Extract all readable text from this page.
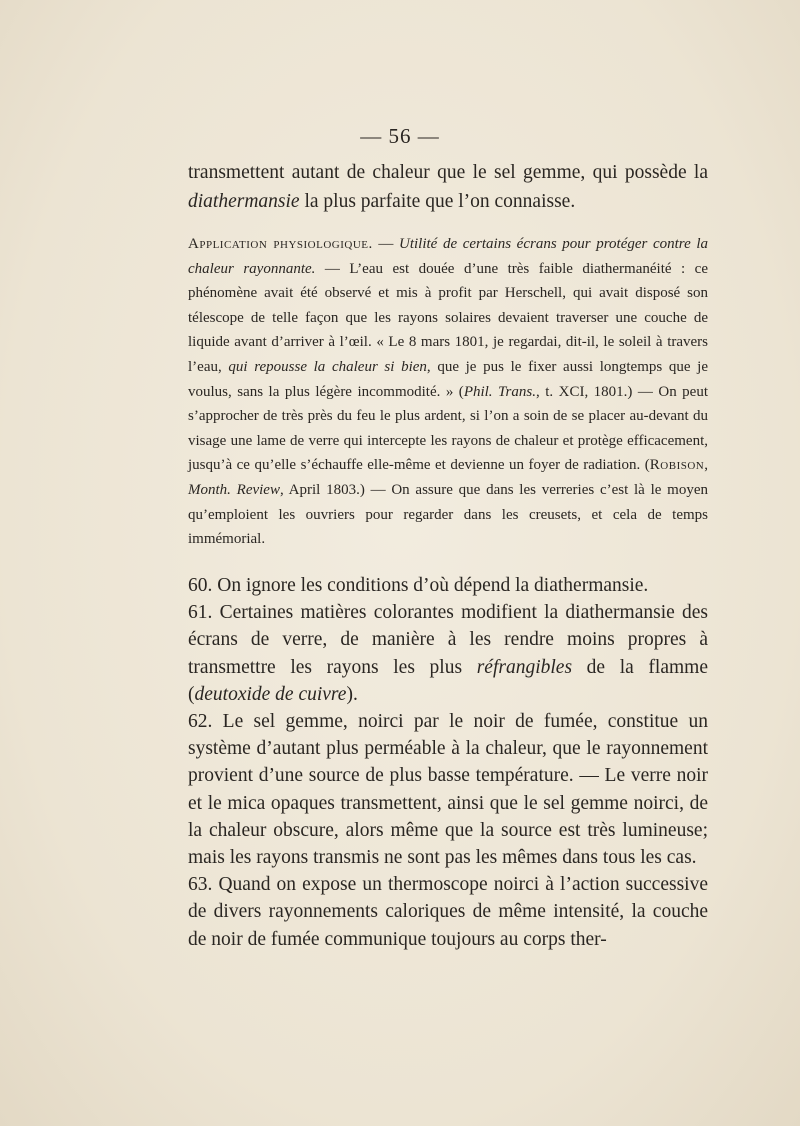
— 56 —

transmettent autant de chaleur que le sel gemme, qui possède la diathermansie la plus parfaite que l’on connaisse.

Application physiologique. — Utilité de certains écrans pour protéger contre la chaleur rayonnante. — L’eau est douée d’une très faible diathermanéité : ce phénomène avait été observé et mis à profit par Herschell, qui avait disposé son télescope de telle façon que les rayons solaires devaient traverser une couche de liquide avant d’arriver à l’œil. « Le 8 mars 1801, je regardai, dit-il, le soleil à travers l’eau, qui repousse la chaleur si bien, que je pus le fixer aussi longtemps que je voulus, sans la plus légère incommodité. » (Phil. Trans., t. XCI, 1801.) — On peut s’approcher de très près du feu le plus ardent, si l’on a soin de se placer au-devant du visage une lame de verre qui intercepte les rayons de chaleur et protège efficacement, jusqu’à ce qu’elle s’échauffe elle-même et devienne un foyer de radiation. (Robison, Month. Review, April 1803.) — On assure que dans les verreries c’est là le moyen qu’emploient les ouvriers pour regarder dans les creusets, et cela de temps immémorial.

60. On ignore les conditions d’où dépend la diathermansie.

61. Certaines matières colorantes modifient la diathermansie des écrans de verre, de manière à les rendre moins propres à transmettre les rayons les plus réfrangibles de la flamme (deutoxide de cuivre).

62. Le sel gemme, noirci par le noir de fumée, constitue un système d’autant plus perméable à la chaleur, que le rayonnement provient d’une source de plus basse température. — Le verre noir et le mica opaques transmettent, ainsi que le sel gemme noirci, de la chaleur obscure, alors même que la source est très lumineuse; mais les rayons transmis ne sont pas les mêmes dans tous les cas.

63. Quand on expose un thermoscope noirci à l’action successive de divers rayonnements caloriques de même intensité, la couche de noir de fumée communique toujours au corps ther-
